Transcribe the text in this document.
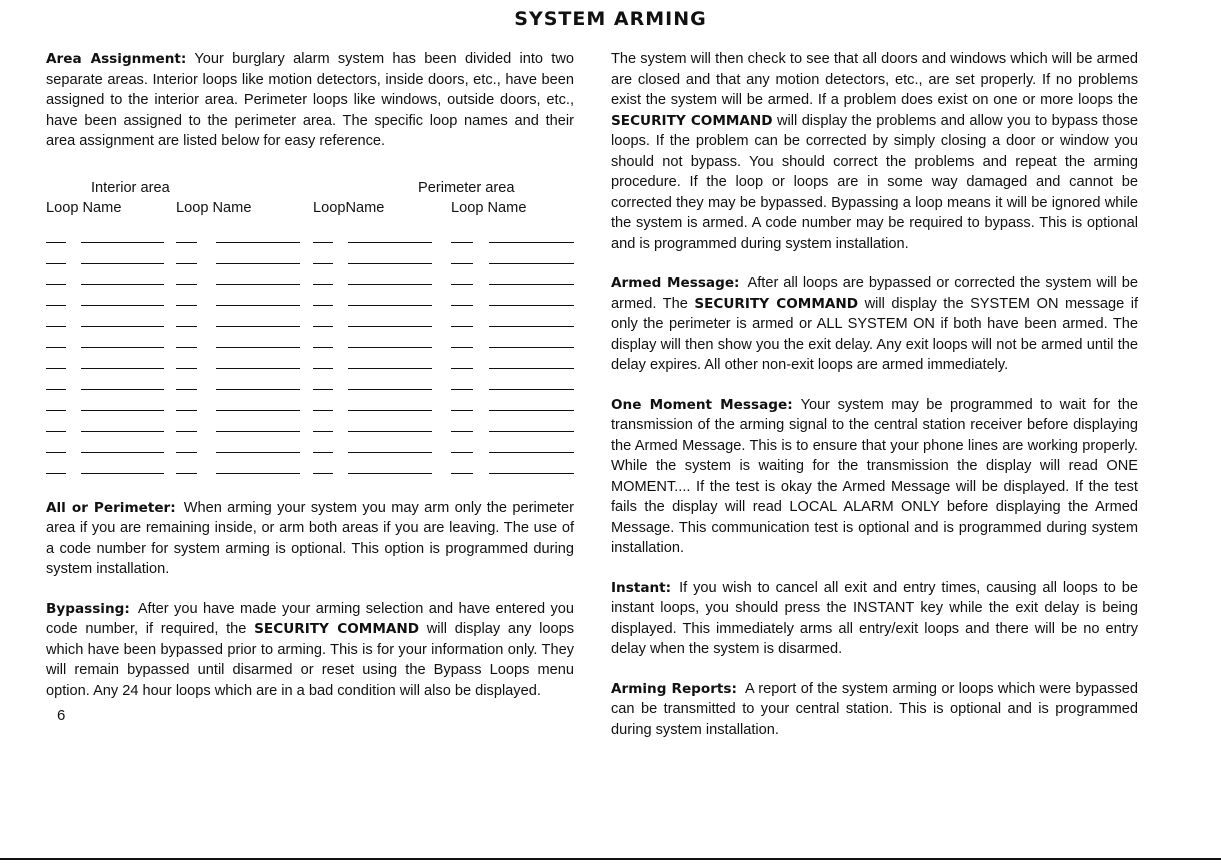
SYSTEM ARMING

Area Assignment: Your burglary alarm system has been divided into two separate areas. Interior loops like motion detectors, inside doors, etc., have been assigned to the interior area. Perimeter loops like windows, outside doors, etc., have been assigned to the perimeter area. The specific loop names and their area assignment are listed below for easy reference.

Interior area	Perimeter area
Loop Name	Loop Name	LoopName	Loop Name

All or Perimeter: When arming your system you may arm only the perimeter area if you are remaining inside, or arm both areas if you are leaving. The use of a code number for system arming is optional. This option is programmed during system installation.

Bypassing: After you have made your arming selection and have entered you code number, if required, the SECURITY COMMAND will display any loops which have been bypassed prior to arming. This is for your information only. They will remain bypassed until disarmed or reset using the Bypass Loops menu option. Any 24 hour loops which are in a bad condition will also be displayed.

6

The system will then check to see that all doors and windows which will be armed are closed and that any motion detectors, etc., are set properly. If no problems exist the system will be armed. If a problem does exist on one or more loops the SECURITY COMMAND will display the problems and allow you to bypass those loops. If the problem can be corrected by simply closing a door or window you should not bypass. You should correct the problems and repeat the arming procedure. If the loop or loops are in some way damaged and cannot be corrected they may be bypassed. Bypassing a loop means it will be ignored while the system is armed. A code number may be required to bypass. This is optional and is programmed during system installation.

Armed Message: After all loops are bypassed or corrected the system will be armed. The SECURITY COMMAND will display the SYSTEM ON message if only the perimeter is armed or ALL SYSTEM ON if both have been armed. The display will then show you the exit delay. Any exit loops will not be armed until the delay expires. All other non-exit loops are armed immediately.

One Moment Message: Your system may be programmed to wait for the transmission of the arming signal to the central station receiver before displaying the Armed Message. This is to ensure that your phone lines are working properly. While the system is waiting for the transmission the display will read ONE MOMENT.... If the test is okay the Armed Message will be displayed. If the test fails the display will read LOCAL ALARM ONLY before displaying the Armed Message. This communication test is optional and is programmed during system installation.

Instant: If you wish to cancel all exit and entry times, causing all loops to be instant loops, you should press the INSTANT key while the exit delay is being displayed. This immediately arms all entry/exit loops and there will be no entry delay when the system is disarmed.

Arming Reports: A report of the system arming or loops which were bypassed can be transmitted to your central station. This is optional and is programmed during system installation.
